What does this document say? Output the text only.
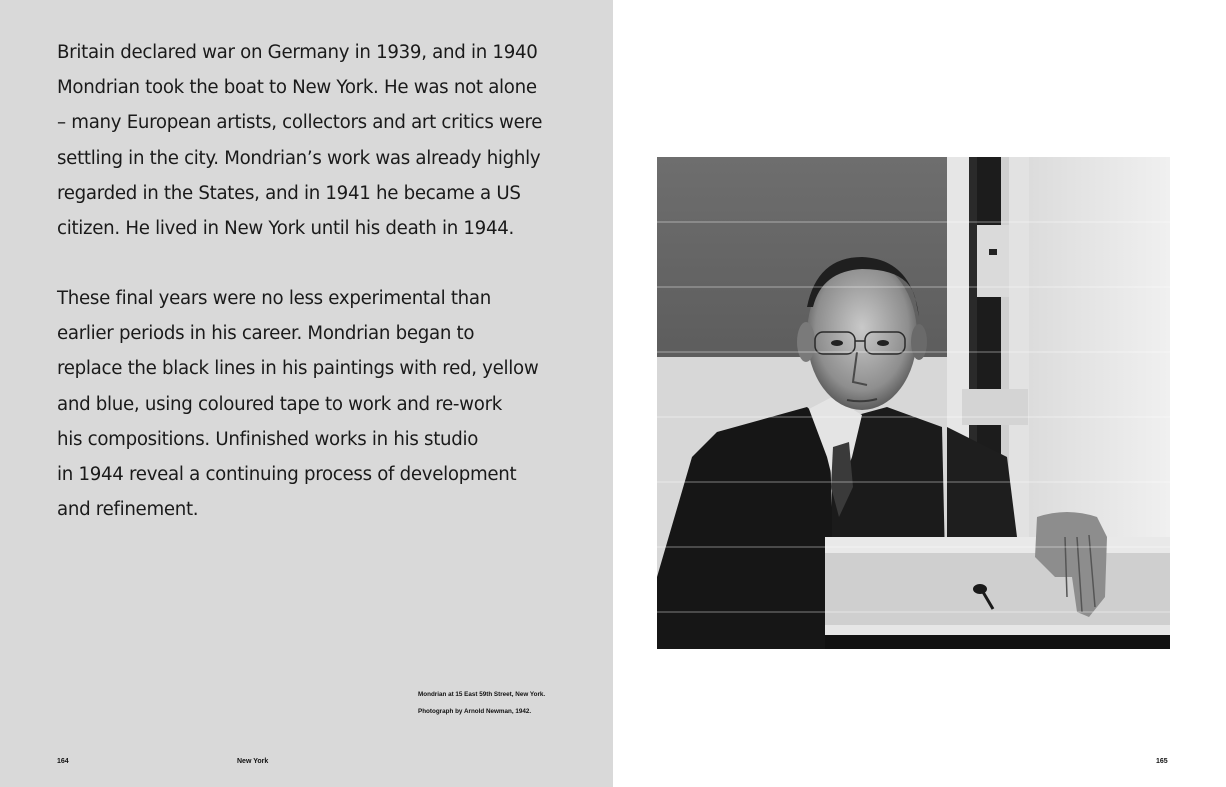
Britain declared war on Germany in 1939, and in 1940
Mondrian took the boat to New York. He was not alone
– many European artists, collectors and art critics were
settling in the city. Mondrian’s work was already highly
regarded in the States, and in 1941 he became a US
citizen. He lived in New York until his death in 1944.
These final years were no less experimental than
earlier periods in his career. Mondrian began to
replace the black lines in his paintings with red, yellow
and blue, using coloured tape to work and re-work
his compositions. Unfinished works in his studio
in 1944 reveal a continuing process of development
and refinement.
Mondrian at 15 East 59th Street, New York.
Photograph by Arnold Newman, 1942.
164	New York	165
